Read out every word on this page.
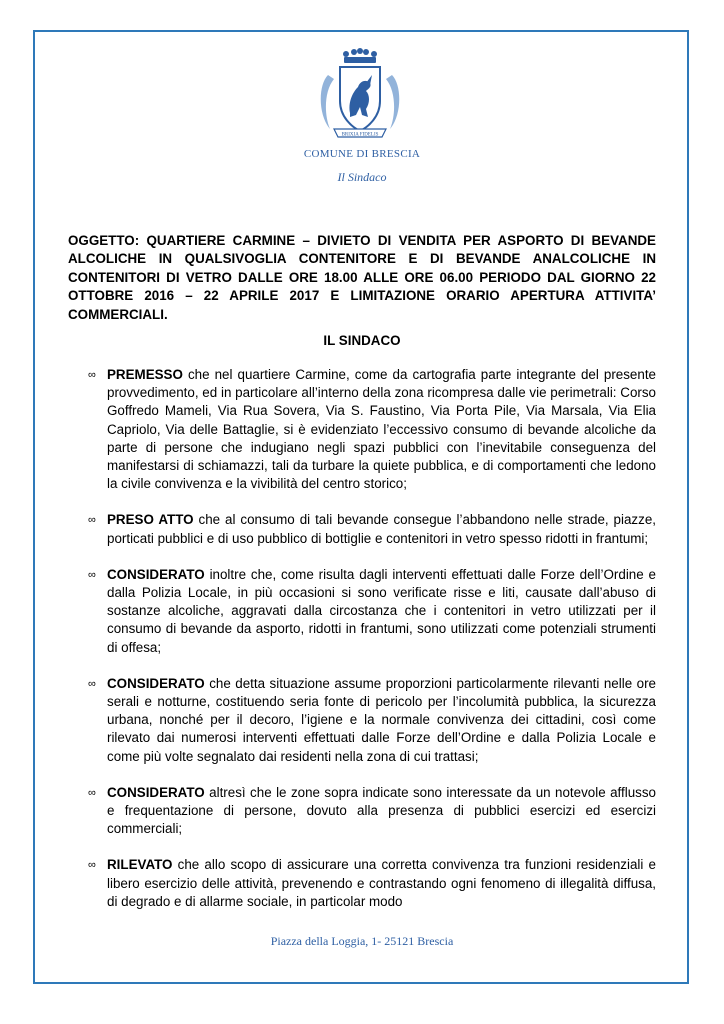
BRIXIA FIDELIS
COMUNE DI BRESCIA
Il Sindaco
OGGETTO: QUARTIERE CARMINE – DIVIETO DI VENDITA PER ASPORTO DI BEVANDE ALCOLICHE IN QUALSIVOGLIA CONTENITORE E DI BEVANDE ANALCOLICHE IN CONTENITORI DI VETRO DALLE ORE 18.00 ALLE ORE 06.00 PERIODO DAL GIORNO 22 OTTOBRE 2016 – 22 APRILE 2017 E LIMITAZIONE ORARIO APERTURA ATTIVITA’ COMMERCIALI.
IL SINDACO
∞ PREMESSO che nel quartiere Carmine, come da cartografia parte integrante del presente provvedimento, ed in particolare all’interno della zona ricompresa dalle vie perimetrali: Corso Goffredo Mameli, Via Rua Sovera, Via S. Faustino, Via Porta Pile, Via Marsala, Via Elia Capriolo, Via delle Battaglie, si è evidenziato l’eccessivo consumo di bevande alcoliche da parte di persone che indugiano negli spazi pubblici con l’inevitabile conseguenza del manifestarsi di schiamazzi, tali da turbare la quiete pubblica, e di comportamenti che ledono la civile convivenza e la vivibilità del centro storico;
∞ PRESO ATTO che al consumo di tali bevande consegue l’abbandono nelle strade, piazze, porticati pubblici e di uso pubblico di bottiglie e contenitori in vetro spesso ridotti in frantumi;
∞ CONSIDERATO inoltre che, come risulta dagli interventi effettuati dalle Forze dell’Ordine e dalla Polizia Locale, in più occasioni si sono verificate risse e liti, causate dall’abuso di sostanze alcoliche, aggravati dalla circostanza che i contenitori in vetro utilizzati per il consumo di bevande da asporto, ridotti in frantumi, sono utilizzati come potenziali strumenti di offesa;
∞ CONSIDERATO che detta situazione assume proporzioni particolarmente rilevanti nelle ore serali e notturne, costituendo seria fonte di pericolo per l’incolumità pubblica, la sicurezza urbana, nonché per il decoro, l’igiene e la normale convivenza dei cittadini, così come rilevato dai numerosi interventi effettuati dalle Forze dell’Ordine e dalla Polizia Locale e come più volte segnalato dai residenti nella zona di cui trattasi;
∞ CONSIDERATO altresì che le zone sopra indicate sono interessate da un notevole afflusso e frequentazione di persone, dovuto alla presenza di pubblici esercizi ed esercizi commerciali;
∞ RILEVATO che allo scopo di assicurare una corretta convivenza tra funzioni residenziali e libero esercizio delle attività, prevenendo e contrastando ogni fenomeno di illegalità diffusa, di degrado e di allarme sociale, in particolar modo
Piazza della Loggia, 1- 25121 Brescia
